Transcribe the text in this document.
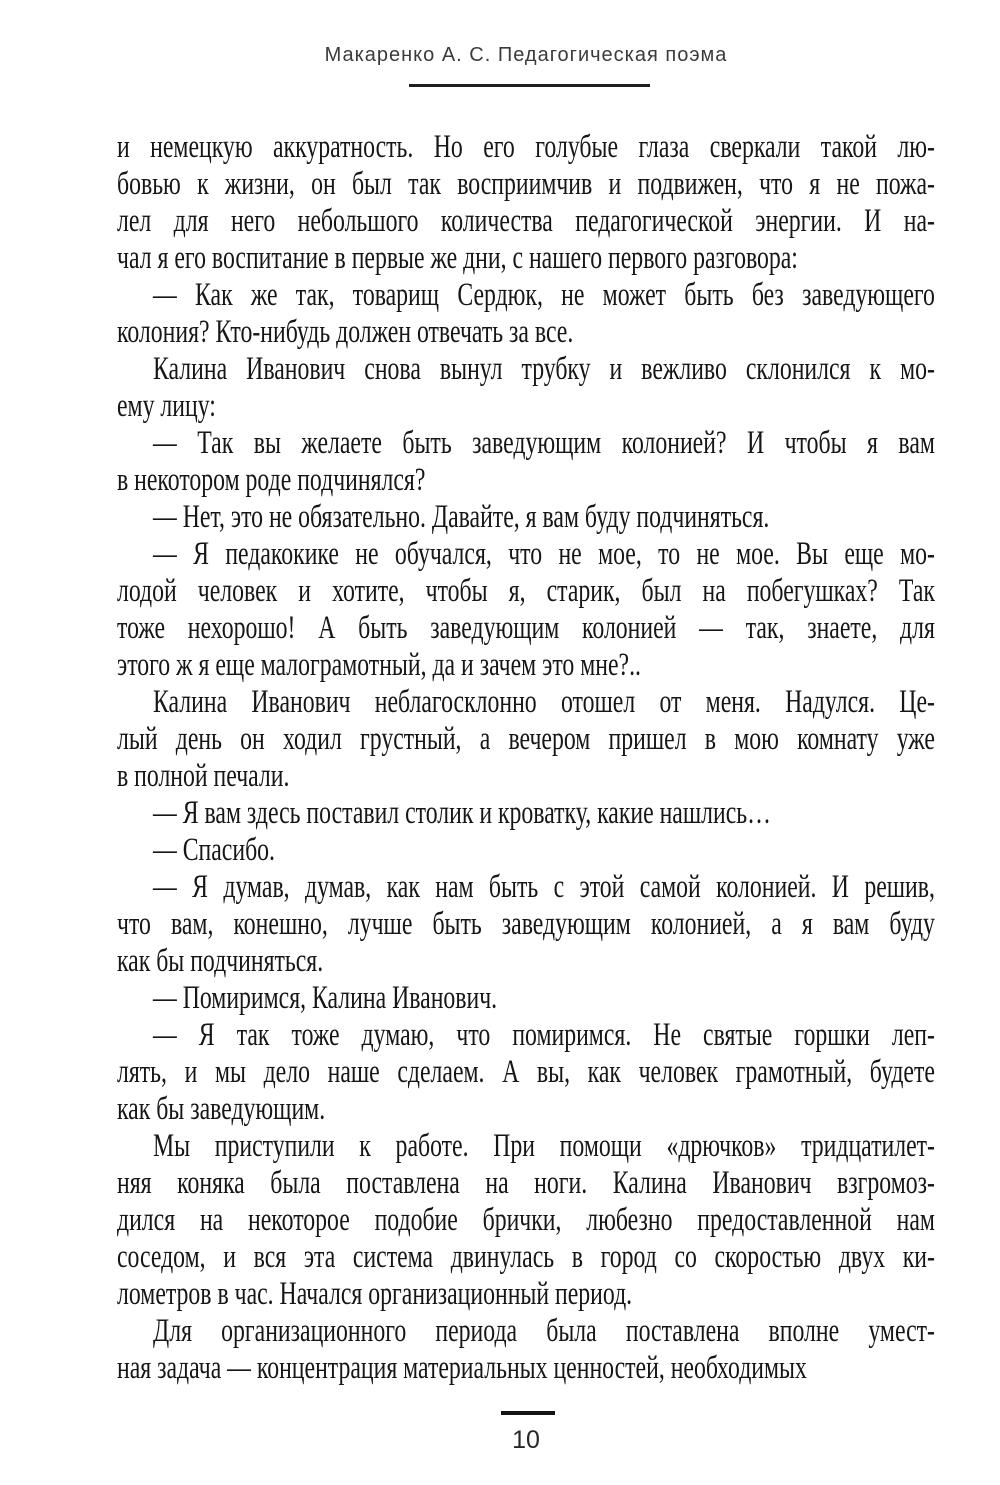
Макаренко А. С. Педагогическая поэма
и немецкую аккуратность. Но его голубые глаза сверкали такой лю-
бовью к жизни, он был так восприимчив и подвижен, что я не пожа-
лел для него небольшого количества педагогической энергии. И на-
чал я его воспитание в первые же дни, с нашего первого разговора:
— Как же так, товарищ Сердюк, не может быть без заведующего
колония? Кто-нибудь должен отвечать за все.
Калина Иванович снова вынул трубку и вежливо склонился к мо-
ему лицу:
— Так вы желаете быть заведующим колонией? И чтобы я вам
в некотором роде подчинялся?
— Нет, это не обязательно. Давайте, я вам буду подчиняться.
— Я педакокике не обучался, что не мое, то не мое. Вы еще мо-
лодой человек и хотите, чтобы я, старик, был на побегушках? Так
тоже нехорошо! А быть заведующим колонией — так, знаете, для
этого ж я еще малограмотный, да и зачем это мне?..
Калина Иванович неблагосклонно отошел от меня. Надулся. Це-
лый день он ходил грустный, а вечером пришел в мою комнату уже
в полной печали.
— Я вам здесь поставил столик и кроватку, какие нашлись…
— Спасибо.
— Я думав, думав, как нам быть с этой самой колонией. И решив,
что вам, конешно, лучше быть заведующим колонией, а я вам буду
как бы подчиняться.
— Помиримся, Калина Иванович.
— Я так тоже думаю, что помиримся. Не святые горшки леп-
лять, и мы дело наше сделаем. А вы, как человек грамотный, будете
как бы заведующим.
Мы приступили к работе. При помощи «дрючков» тридцатилет-
няя коняка была поставлена на ноги. Калина Иванович взгромоз-
дился на некоторое подобие брички, любезно предоставленной нам
соседом, и вся эта система двинулась в город со скоростью двух ки-
лометров в час. Начался организационный период.
Для организационного периода была поставлена вполне умест-
ная задача — концентрация материальных ценностей, необходимых
10
